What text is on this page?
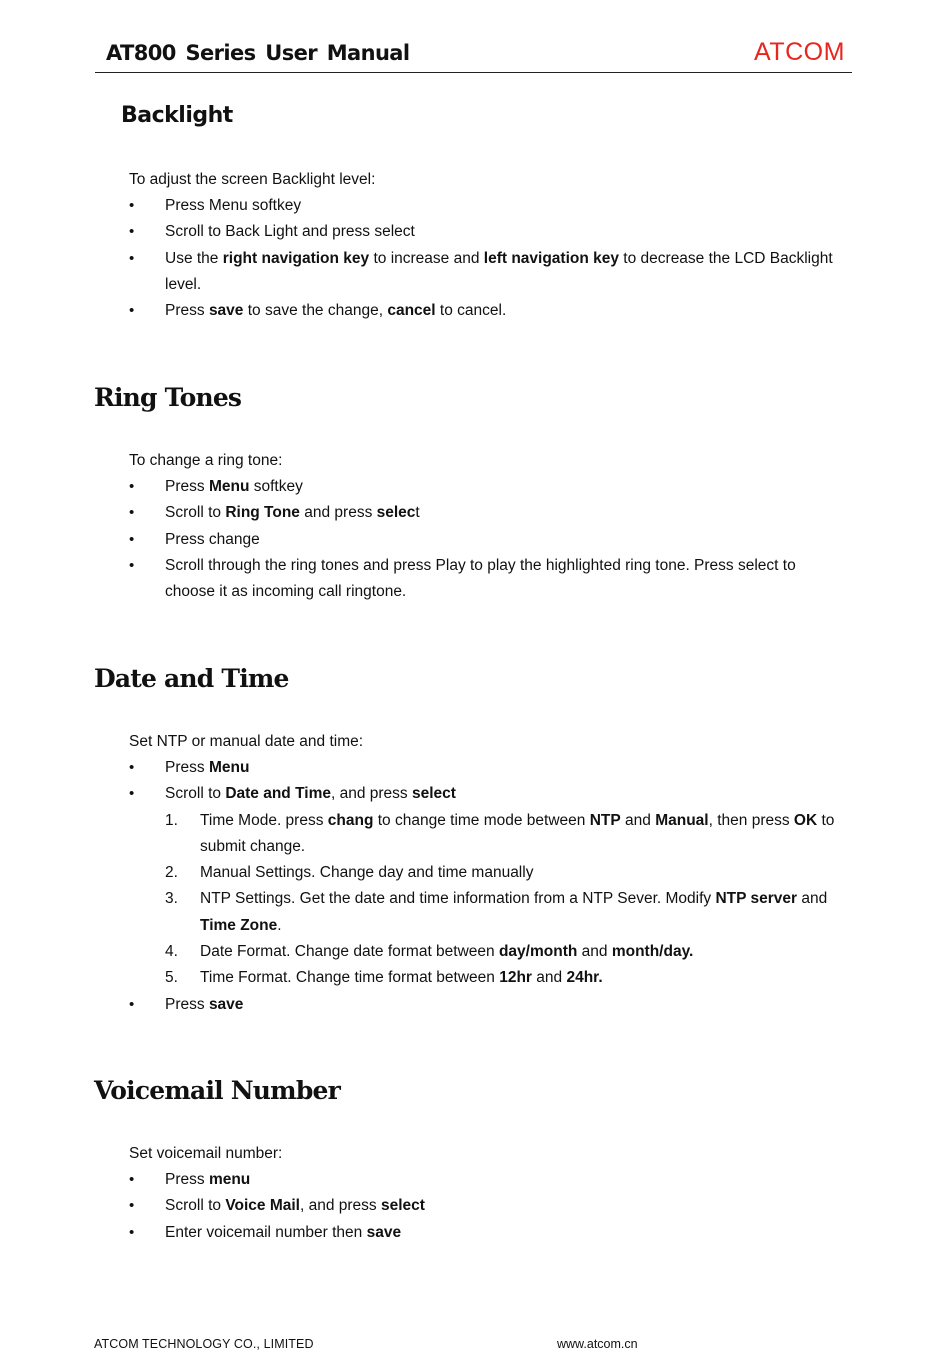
AT800 Series User Manual	ATCOM
Backlight
To adjust the screen Backlight level:
• Press Menu softkey
• Scroll to Back Light and press select
• Use the right navigation key to increase and left navigation key to decrease the LCD Backlight level.
• Press save to save the change, cancel to cancel.
Ring Tones
To change a ring tone:
• Press Menu softkey
• Scroll to Ring Tone and press select
• Press change
• Scroll through the ring tones and press Play to play the highlighted ring tone. Press select to choose it as incoming call ringtone.
Date and Time
Set NTP or manual date and time:
• Press Menu
• Scroll to Date and Time, and press select
1. Time Mode. press chang to change time mode between NTP and Manual, then press OK to submit change.
2. Manual Settings. Change day and time manually
3. NTP Settings. Get the date and time information from a NTP Sever. Modify NTP server and Time Zone.
4. Date Format. Change date format between day/month and month/day.
5. Time Format. Change time format between 12hr and 24hr.
• Press save
Voicemail Number
Set voicemail number:
• Press menu
• Scroll to Voice Mail, and press select
• Enter voicemail number then save
ATCOM TECHNOLOGY CO., LIMITED	www.atcom.cn
